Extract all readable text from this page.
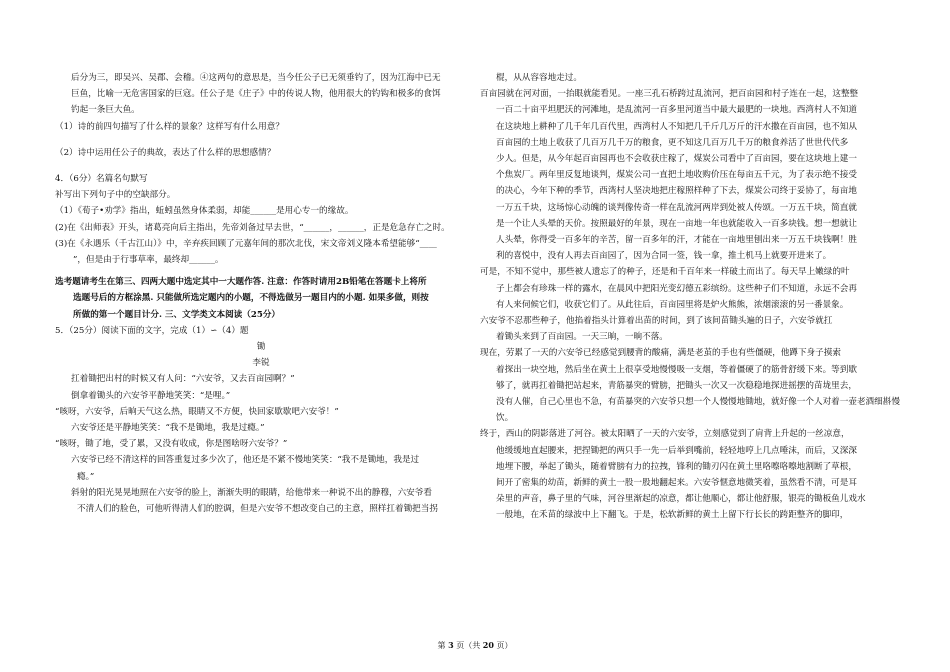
后分为三，即吴兴、吴郡、会稽。④这两句的意思是，当今任公子已无须垂钓了，因为江海中已无
巨鱼，比喻一无危害国家的巨寇。任公子是《庄子》中的传说人物，他用很大的钓钩和极多的食饵
钓起一条巨大鱼。
（1）诗的前四句描写了什么样的景象？这样写有什么用意？
（2）诗中运用任公子的典故，表达了什么样的思想感情？
4．（6分）名篇名句默写
补写出下列句子中的空缺部分。
（1）《荀子•劝学》指出，蚯蚓虽然身体柔弱，却能______是用心专一的缘故。
(2)在《出师表》开头，诸葛亮向后主指出，先帝刘备过早去世，“______，______，正是危急存亡之时。
(3)在《永遇乐（千古江山）》中，辛弃疾回顾了元嘉年间的那次北伐，宋文帝刘义隆本希望能够“____
”，但是由于行事草率，最终却______。
选考题请考生在第三、四两大题中选定其中一大题作答. 注意：作答时请用2B铅笔在答题卡上将所
选题号后的方框涂黑. 只能做所选定题内的小题，不得选做另一题目内的小题. 如果多做，则按
所做的第一个题目计分. 三、文学类文本阅读（25分）
5．（25分）阅读下面的文字，完成（1）∽（4）题
锄
李锐
扛着锄把出村的时候又有人问：“六安爷，又去百亩园啊？”
倒拿着锄头的六安爷平静地笑笑：“是哩。”
“咳呀，六安爷，后晌天气这么热，眼睛又不方便，快回家歇歇吧六安爷！”
六安爷还是平静地笑笑：“我不是锄地，我是过瘾。”
“咳呀，锄了地，受了累，又没有收成，你是图啥呀六安爷？”
六安爷已经不清这样的回答重复过多少次了，他还是不紧不慢地笑笑：“我不是锄地，我是过
瘾。”
斜射的阳光晃晃地照在六安爷的脸上，渐渐失明的眼睛，给他带来一种说不出的静穆，六安爷看
不清人们的脸色，可他听得清人们的腔调，但是六安爷不想改变自己的主意，照样扛着锄把当拐
棍，从从容容地走过。
百亩园就在河对面，一抬眼就能看见。一座三孔石桥跨过乱流河，把百亩园和村子连在一起，这整整
一百二十亩平坦肥沃的河滩地，是乱流河一百多里河道当中最大最肥的一块地。西湾村人不知道
在这块地上耕种了几千年几百代里，西湾村人不知把几千斤几万斤的汗水撒在百亩园，也不知从
百亩园的土地上收获了几百万几千万的粮食，更不知这几百万几千万的粮食养活了世世代代多
少人。但是，从今年起百亩园再也不会收获庄稼了，煤炭公司看中了百亩园，要在这块地上建一
个焦炭厂。两年里反复地谈判，煤炭公司一直把土地收购价压在每亩五千元，为了表示绝不接受
的决心，今年下种的季节，西湾村人坚决地把庄稼照样种了下去，煤炭公司终于妥协了，每亩地
一万五千块，这场惊心动魄的谈判像传奇一样在乱流河两岸到处被人传颂。一万五千块，简直就
是一个让人头晕的天价。按照最好的年景，现在一亩地一年也就能收入一百多块钱。想一想就让
人头晕，你得受一百多年的辛苦，留一百多年的汗，才能在一亩地里刨出来一万五千块钱啊！胜
利的喜悦中，没有人再去百亩园了，因为合同一签，钱一拿，推土机马上就要开进来了。
可是，不知不觉中，那些被人遗忘了的种子，还是和千百年来一样破土而出了。每天早上嫩绿的叶
子上都会有珍珠一样的露水，在晨风中把阳光变幻德五彩缤纷。这些种子们不知道，永远不会再
有人来伺候它们，收获它们了。从此往后，百亩园里将是炉火熊熊，浓烟滚滚的另一番景象。
六安爷不忍那些种子，他掐着指头计算着出苗的时间，到了该间苗锄头遍的日子，六安爷就扛
着锄头来到了百亩园。一天三晌，一晌不落。
现在，劳累了一天的六安爷已经感觉到腰背的酸痛，满是老茧的手也有些僵硬，他蹲下身子摸索
着探出一块空地，然后坐在黄土上很享受地慢慢吸一支烟，等着僵硬了的筋骨舒缓下来。等到歇
够了，就再扛着锄把站起来，青筋暴突的臂膀，把锄头一次又一次稳稳地探进摇摆的苗垅里去，
没有人催，自己心里也不急，有苗暴突的六安爷只想一个人慢慢地锄地，就好像一个人对着一壶老酒细斟慢
饮。
终于，西山的阴影落进了河谷。被太阳晒了一天的六安爷，立刻感觉到了肩背上升起的一丝凉意，
他缓缓地直起腰来，把捏锄把的两只手一先一后举到嘴前，轻轻地哼上几点唾沫，而后，又深深
地埋下腰，举起了锄头，随着臂膀有力的拉拽，锋利的锄刃闪在黄土里咯嚓咯嚓地割断了草根，
间开了密集的幼苗，新鲜的黄土一股一股地翻起来。六安爷惬意地微笑着，虽然看不清，可是耳
朵里的声音，鼻子里的气味，河谷里渐起的凉意，都让他顺心，都让他舒服，银亮的锄板鱼儿戏水
一般地，在禾苗的绿波中上下翻飞。于是，松软新鲜的黄土上留下行长长的跨距整齐的脚印，
第 3 页（共 20 页）
